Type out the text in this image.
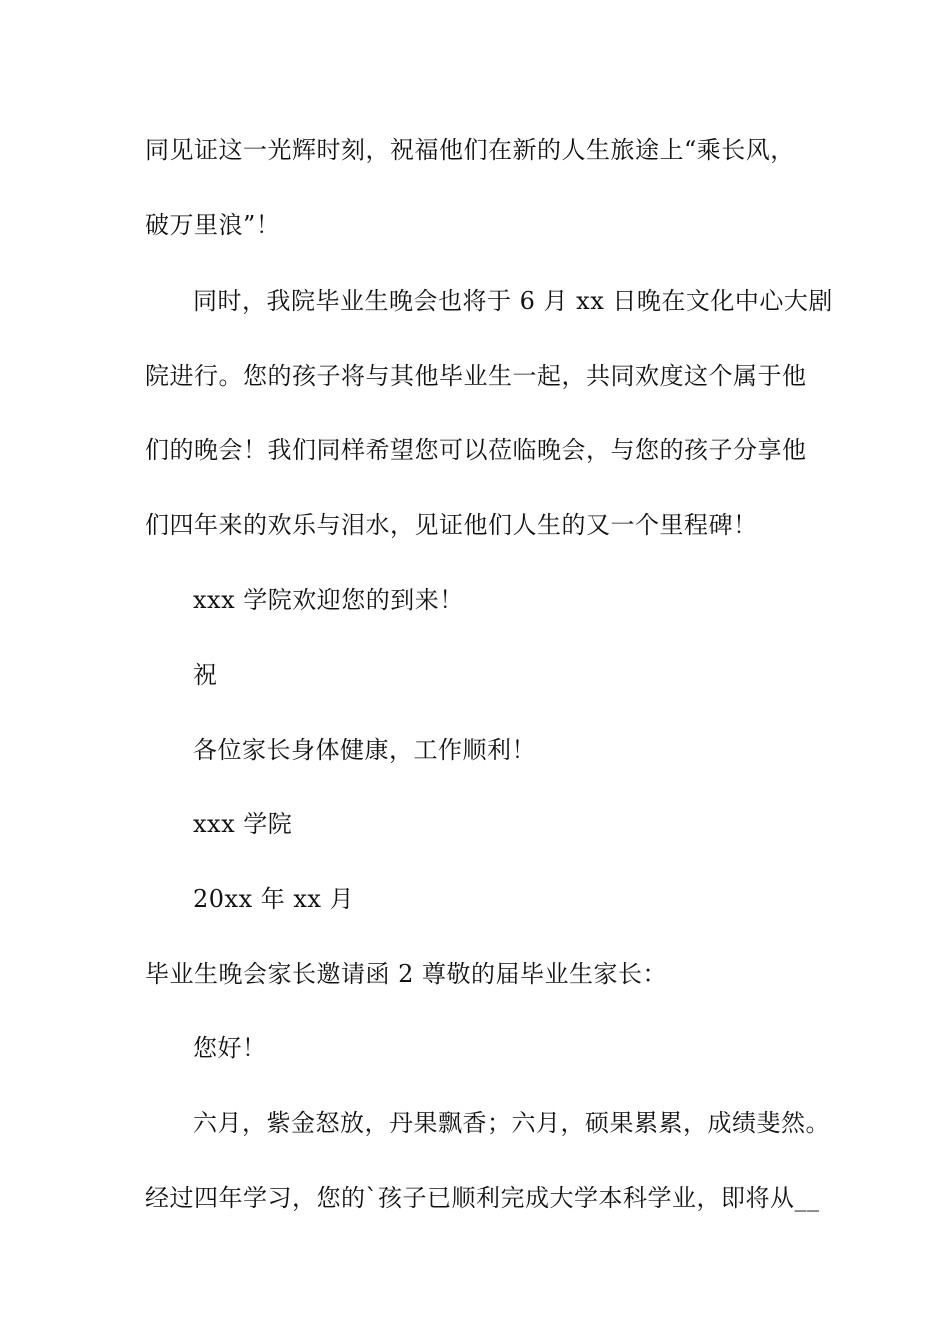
同见证这一光辉时刻，祝福他们在新的人生旅途上“乘长风，
破万里浪”！
同时，我院毕业生晚会也将于 6 月 xx 日晚在文化中心大剧
院进行。您的孩子将与其他毕业生一起，共同欢度这个属于他
们的晚会！我们同样希望您可以莅临晚会，与您的孩子分享他
们四年来的欢乐与泪水，见证他们人生的又一个里程碑！
xxx 学院欢迎您的到来！
祝
各位家长身体健康，工作顺利！
xxx 学院
20xx 年 xx 月
毕业生晚会家长邀请函 2 尊敬的届毕业生家长：
您好！
六月，紫金怒放，丹果飘香；六月，硕果累累，成绩斐然。
经过四年学习，您的`孩子已顺利完成大学本科学业，即将从__
